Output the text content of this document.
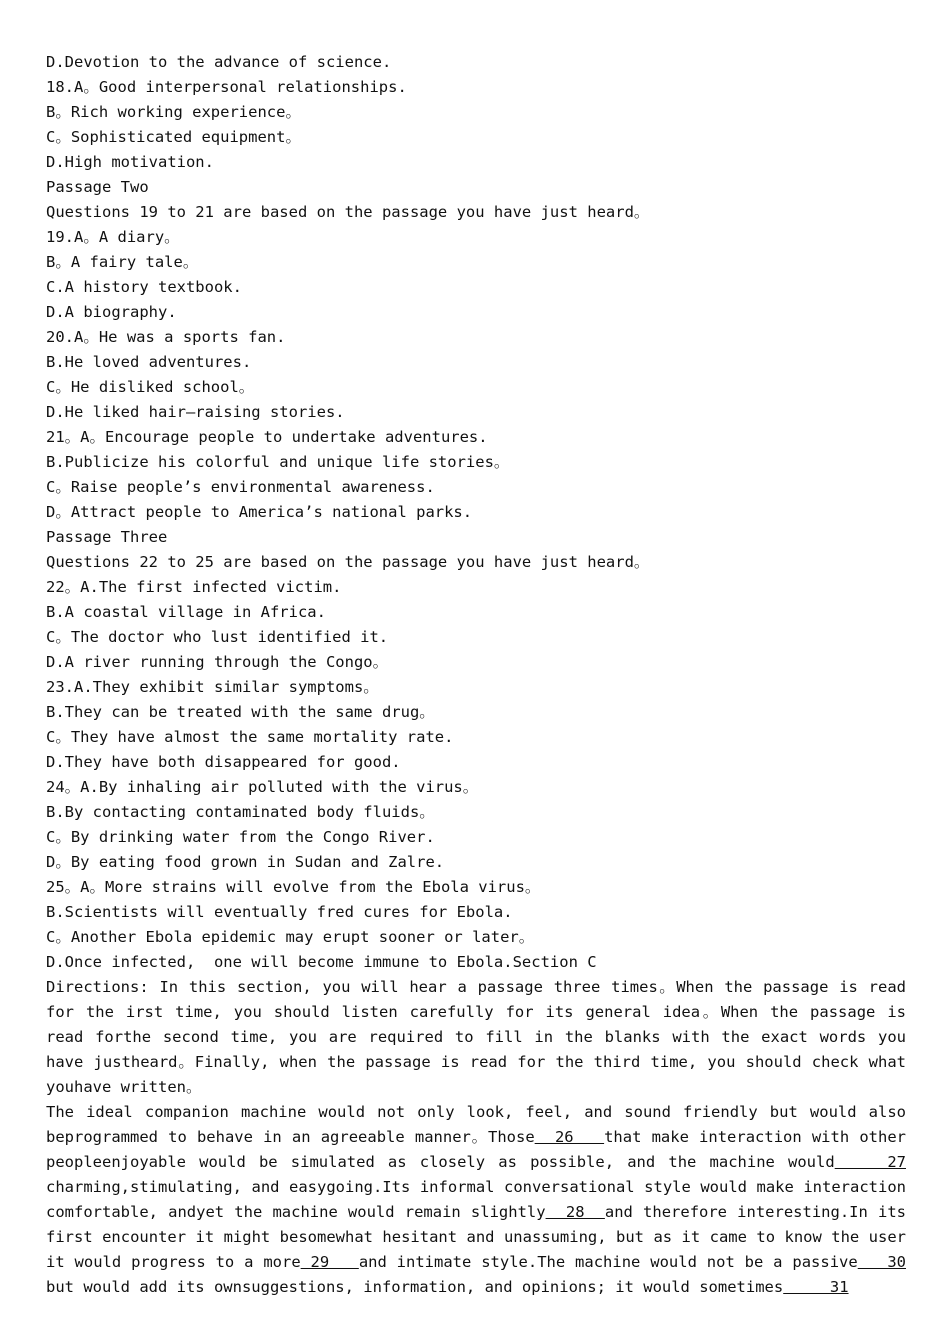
D.Devotion to the advance of science.
18.A。Good interpersonal relationships.
B。Rich working experience。
C。Sophisticated equipment。
D.High motivation.
Passage Two
Questions 19 to 21 are based on the passage you have just heard。
19.A。A diary。
B。A fairy tale。
C.A history textbook.
D.A biography.
20.A。He was a sports fan.
B.He loved adventures.
C。He disliked school。
D.He liked hair—raising stories.
21。A。Encourage people to undertake adventures.
B.Publicize his colorful and unique life stories。
C。Raise people’s environmental awareness.
D。Attract people to America’s national parks.
Passage Three
Questions 22 to 25 are based on the passage you have just heard。
22。A.The first infected victim.
B.A coastal village in Africa.
C。The doctor who lust identified it.
D.A river running through the Congo。
23.A.They exhibit similar symptoms。
B.They can be treated with the same drug。
C。They have almost the same mortality rate.
D.They have both disappeared for good.
24。A.By inhaling air polluted with the virus。
B.By contacting contaminated body fluids。
C。By drinking water from the Congo River.
D。By eating food grown in Sudan and Zalre.
25。A。More strains will evolve from the Ebola virus。
B.Scientists will eventually fred cures for Ebola.
C。Another Ebola epidemic may erupt sooner or later。
D.Once infected,  one will become immune to Ebola.Section C
Directions: In this section, you will hear a passage three times。When the passage is read for the irst time, you should listen carefully for its general idea。When the passage is read forthe second time, you are required to fill in the blanks with the exact words you have justheard。Finally, when the passage is read for the third time, you should check what youhave written。
The ideal companion machine would not only look, feel, and sound friendly but would also beprogrammed to behave in an agreeable manner。Those  26   that make interaction with other peopleenjoyable would be simulated as closely as possible, and the machine would    27 charming,stimulating, and easygoing.Its informal conversational style would make interaction comfortable, andyet the machine would remain slightly  28  and therefore interesting.In its first encounter it might besomewhat hesitant and unassuming, but as it came to know the user it would progress to a more 29   and intimate style.The machine would not be a passive   30 but would add its ownsuggestions, information, and opinions; it would sometimes     31
